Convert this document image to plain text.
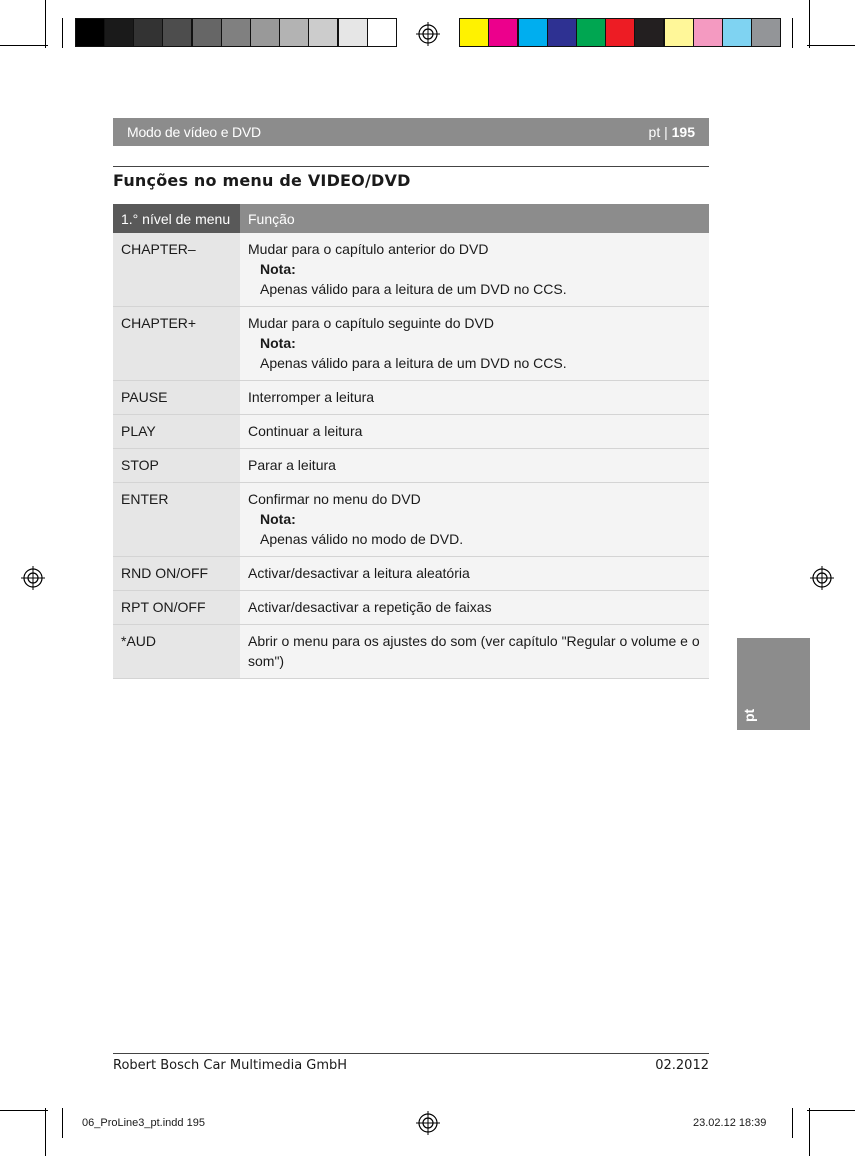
Modo de vídeo e DVD	pt | 195
Funções no menu de VIDEO/DVD
1.° nível de menu	Função
CHAPTER–	Mudar para o capítulo anterior do DVD
Nota:
Apenas válido para a leitura de um DVD no CCS.

CHAPTER+	Mudar para o capítulo seguinte do DVD
Nota:
Apenas válido para a leitura de um DVD no CCS.

PAUSE	Interromper a leitura
PLAY	Continuar a leitura
STOP	Parar a leitura
ENTER	Confirmar no menu do DVD
Nota:
Apenas válido no modo de DVD.

RND ON/OFF	Activar/desactivar a leitura aleatória
RPT ON/OFF	Activar/desactivar a repetição de faixas
*AUD	Abrir o menu para os ajustes do som (ver capítulo "Regular o volume e o som")
pt
Robert Bosch Car Multimedia GmbH	02.2012
06_ProLine3_pt.indd 195	23.02.12 18:39
